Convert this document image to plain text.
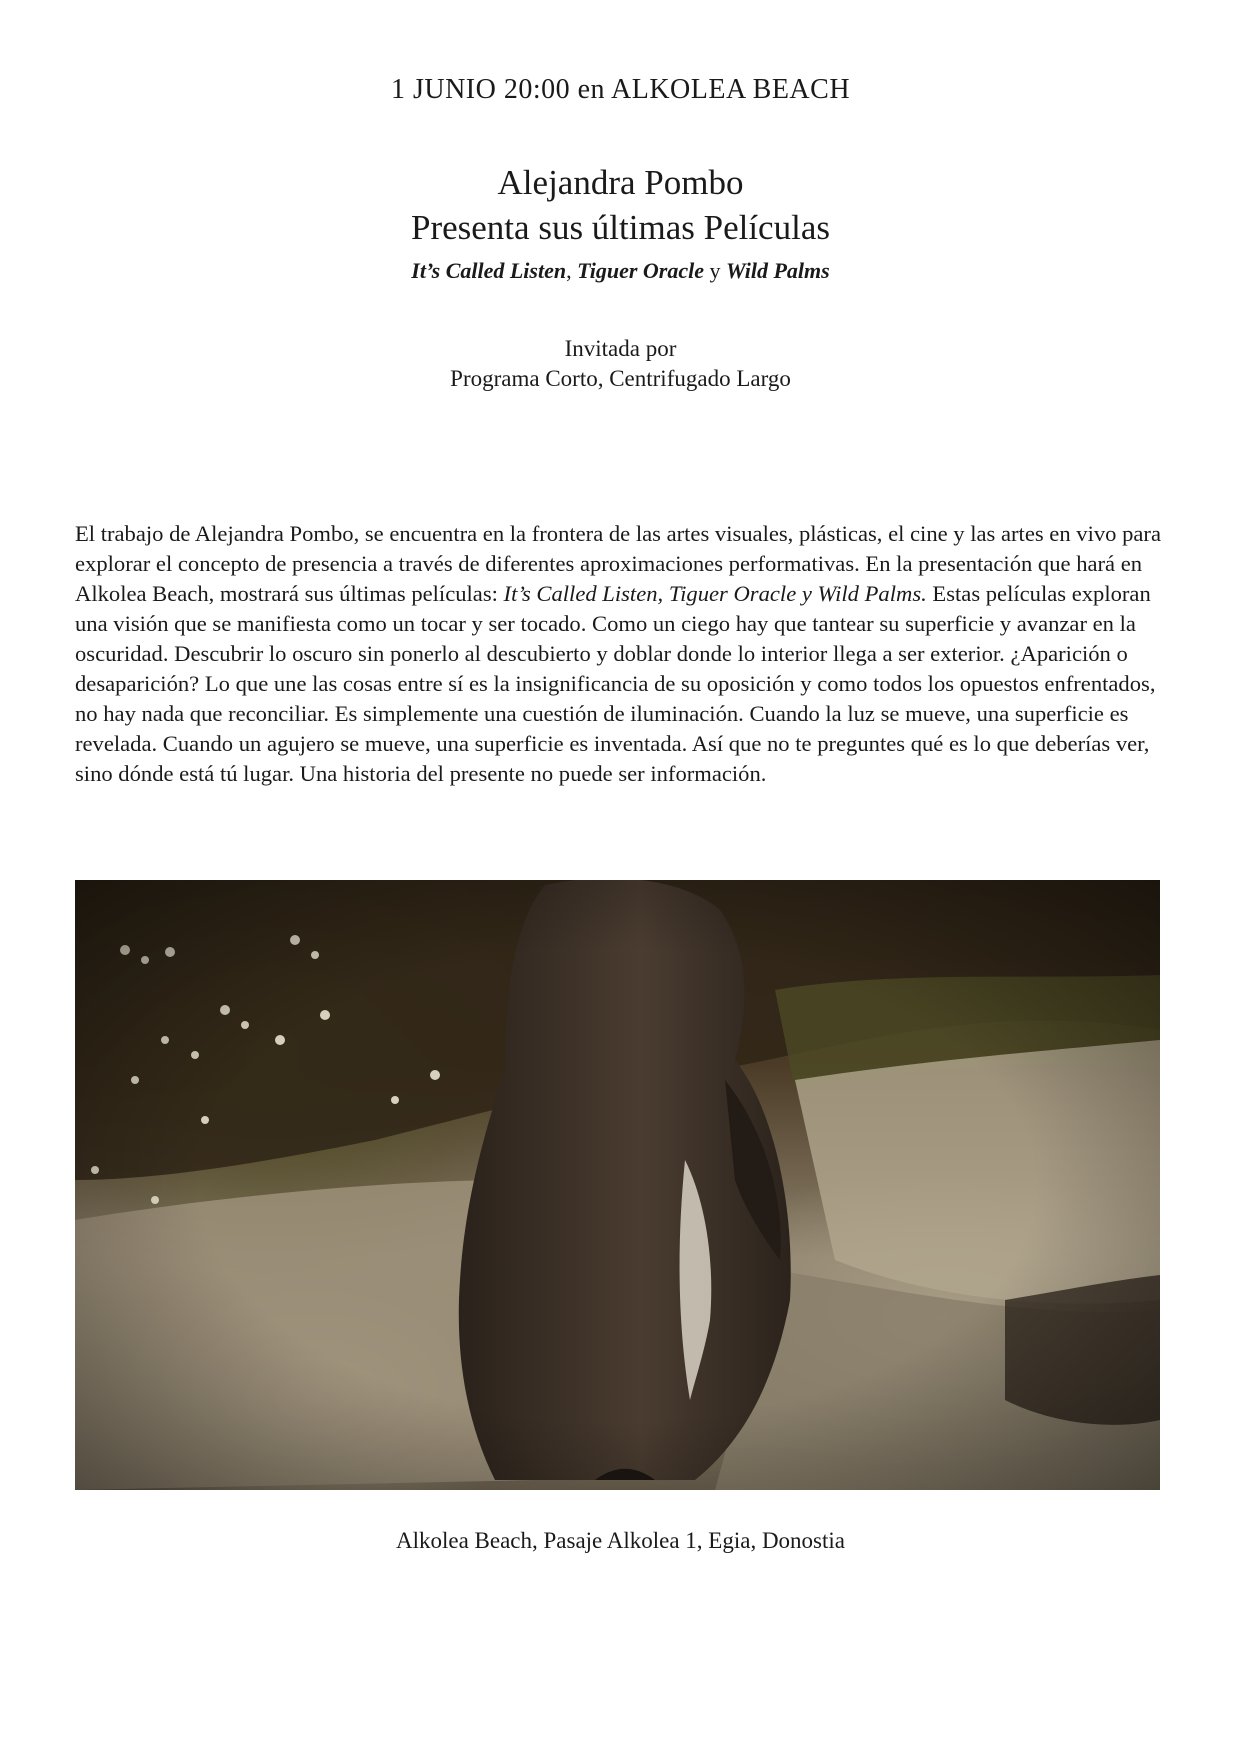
1 JUNIO 20:00 en ALKOLEA BEACH
Alejandra Pombo
Presenta sus últimas Películas
It’s Called Listen, Tiguer Oracle y Wild Palms
Invitada por
Programa Corto, Centrifugado Largo

El trabajo de Alejandra Pombo, se encuentra en la frontera de las artes visuales, plásticas, el cine y las artes en vivo para explorar el concepto de presencia a través de diferentes aproximaciones performativas. En la presentación que hará en Alkolea Beach, mostrará sus últimas películas: It’s Called Listen, Tiguer Oracle y Wild Palms. Estas películas exploran una visión que se manifiesta como un tocar y ser tocado. Como un ciego hay que tantear su superficie y avanzar en la oscuridad. Descubrir lo oscuro sin ponerlo al descubierto y doblar donde lo interior llega a ser exterior. ¿Aparición o desaparición? Lo que une las cosas entre sí es la insignificancia de su oposición y como todos los opuestos enfrentados, no hay nada que reconciliar. Es simplemente una cuestión de iluminación. Cuando la luz se mueve, una superficie es revelada. Cuando un agujero se mueve, una superficie es inventada. Así que no te preguntes qué es lo que deberías ver, sino dónde está tú lugar. Una historia del presente no puede ser información.

Alkolea Beach, Pasaje Alkolea 1, Egia, Donostia
